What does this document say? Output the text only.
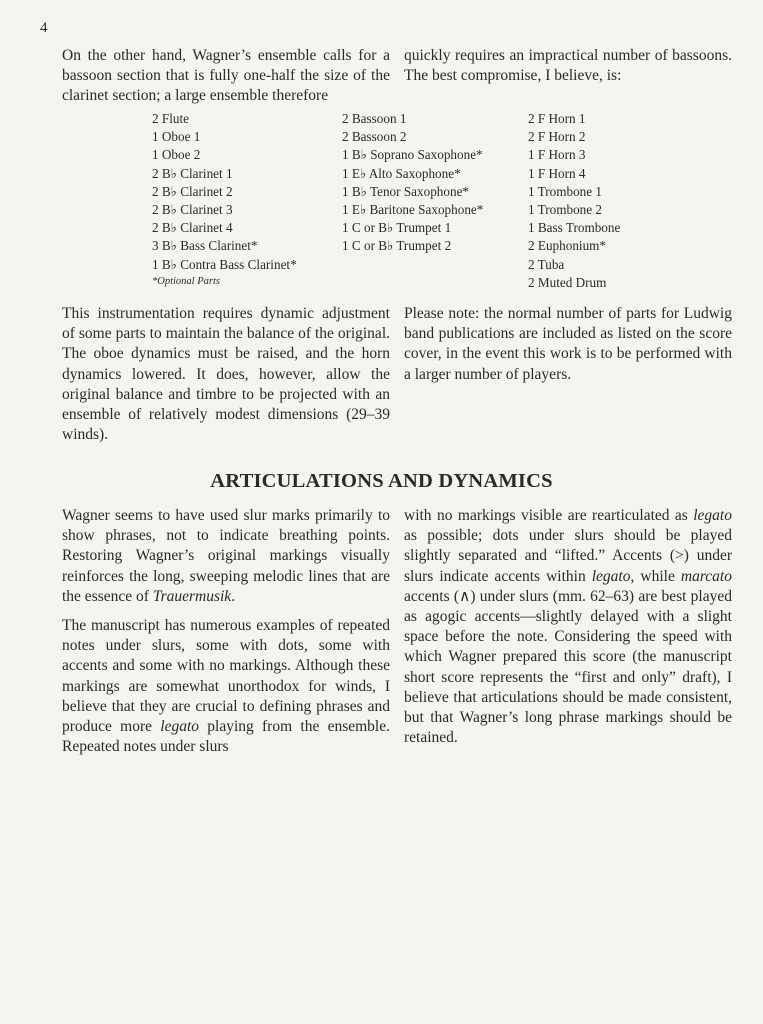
4

On the other hand, Wagner’s ensemble calls for a bassoon section that is fully one-half the size of the clarinet section; a large ensemble therefore

quickly requires an impractical number of bassoons. The best compromise, I believe, is:

2 Flute
1 Oboe 1
1 Oboe 2
2 B♭ Clarinet 1
2 B♭ Clarinet 2
2 B♭ Clarinet 3
2 B♭ Clarinet 4
3 B♭ Bass Clarinet*
1 B♭ Contra Bass Clarinet*
*Optional Parts
2 Bassoon 1
2 Bassoon 2
1 B♭ Soprano Saxophone*
1 E♭ Alto Saxophone*
1 B♭ Tenor Saxophone*
1 E♭ Baritone Saxophone*
1 C or B♭ Trumpet 1
1 C or B♭ Trumpet 2
2 F Horn 1
2 F Horn 2
1 F Horn 3
1 F Horn 4
1 Trombone 1
1 Trombone 2
1 Bass Trombone
2 Euphonium*
2 Tuba
2 Muted Drum

This instrumentation requires dynamic adjustment of some parts to maintain the balance of the original. The oboe dynamics must be raised, and the horn dynamics lowered. It does, however, allow the original balance and timbre to be projected with an ensemble of relatively modest dimensions (29–39 winds).

Please note: the normal number of parts for Ludwig band publications are included as listed on the score cover, in the event this work is to be performed with a larger number of players.

ARTICULATIONS AND DYNAMICS

Wagner seems to have used slur marks primarily to show phrases, not to indicate breathing points. Restoring Wagner’s original markings visually reinforces the long, sweeping melodic lines that are the essence of Trauermusik.

The manuscript has numerous examples of repeated notes under slurs, some with dots, some with accents and some with no markings. Although these markings are somewhat unorthodox for winds, I believe that they are crucial to defining phrases and produce more legato playing from the ensemble. Repeated notes under slurs

with no markings visible are rearticulated as legato as possible; dots under slurs should be played slightly separated and “lifted.” Accents (>) under slurs indicate accents within legato, while marcato accents (∧) under slurs (mm. 62–63) are best played as agogic accents—slightly delayed with a slight space before the note. Considering the speed with which Wagner prepared this score (the manuscript short score represents the “first and only” draft), I believe that articulations should be made consistent, but that Wagner’s long phrase markings should be retained.
